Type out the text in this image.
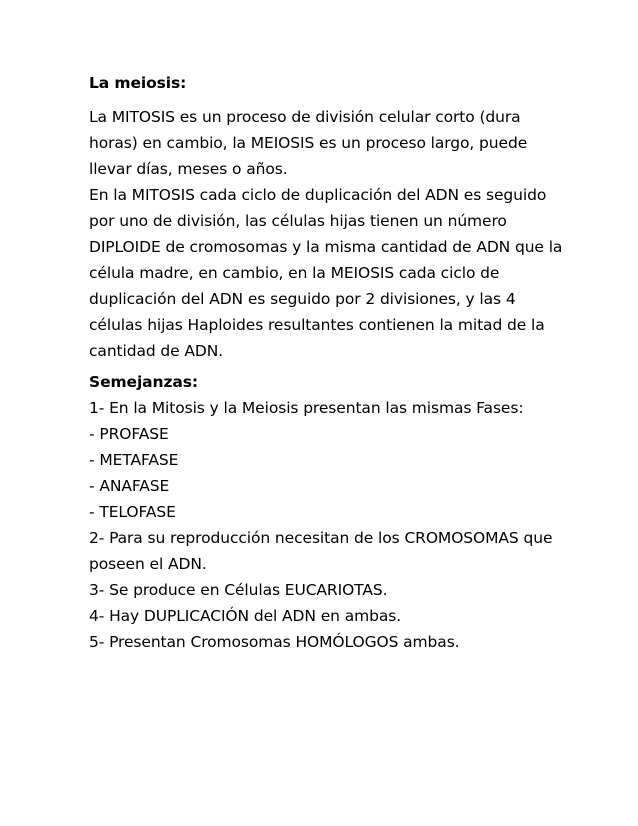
La meiosis:

La MITOSIS es un proceso de división celular corto (dura
horas) en cambio, la MEIOSIS es un proceso largo, puede
llevar días, meses o años.
En la MITOSIS cada ciclo de duplicación del ADN es seguido
por uno de división, las células hijas tienen un número
DIPLOIDE de cromosomas y la misma cantidad de ADN que la
célula madre, en cambio, en la MEIOSIS cada ciclo de
duplicación del ADN es seguido por 2 divisiones, y las 4
células hijas Haploides resultantes contienen la mitad de la
cantidad de ADN.

Semejanzas:

1- En la Mitosis y la Meiosis presentan las mismas Fases:
- PROFASE
- METAFASE
- ANAFASE
- TELOFASE
2- Para su reproducción necesitan de los CROMOSOMAS que
poseen el ADN.
3- Se produce en Células EUCARIOTAS.
4- Hay DUPLICACIÓN del ADN en ambas.
5- Presentan Cromosomas HOMÓLOGOS ambas.
